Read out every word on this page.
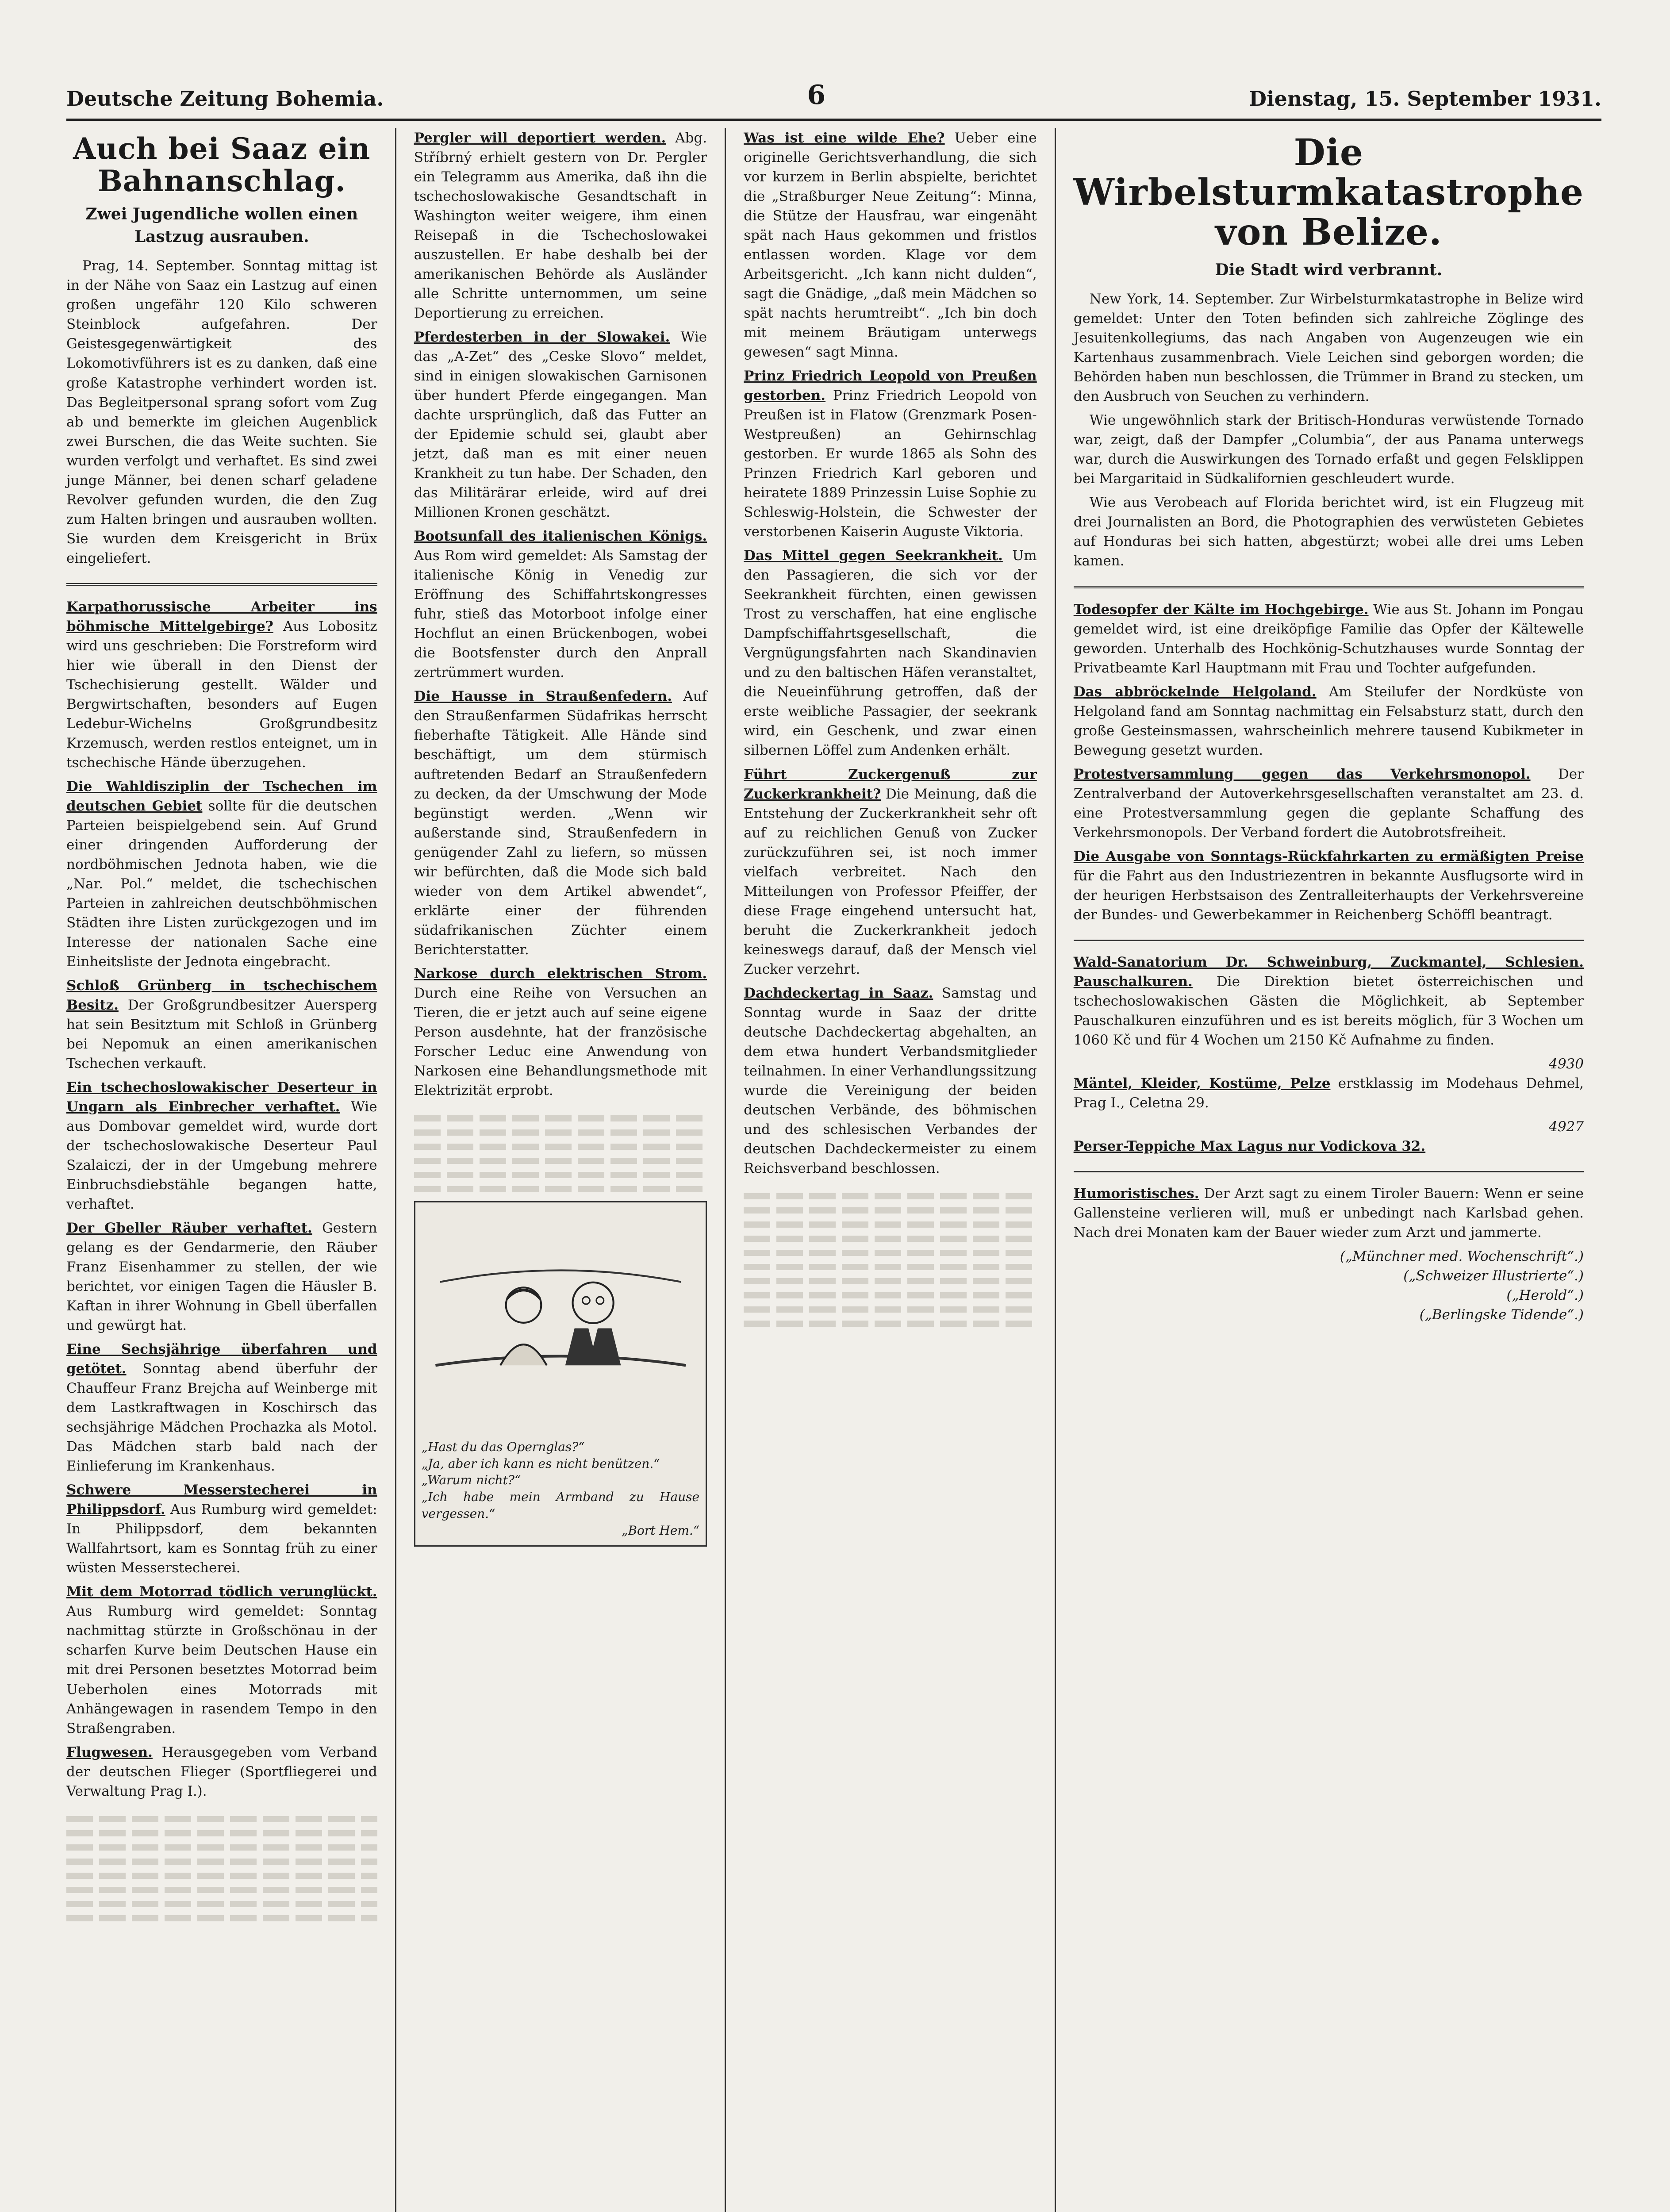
Deutsche Zeitung Bohemia.	6	Dienstag, 15. September 1931.
Auch bei Saaz ein Bahnanschlag.
Zwei Jugendliche wollen einen Lastzug ausrauben.

Prag, 14. September. Sonntag mittag ist in der Nähe von Saaz ein Lastzug auf einen großen ungefähr 120 Kilo schweren Steinblock aufgefahren. Der Geistesgegenwärtigkeit des Lokomotivführers ist es zu danken, daß eine große Katastrophe verhindert worden ist. Das Begleitpersonal sprang sofort vom Zug ab und bemerkte im gleichen Augenblick zwei Burschen, die das Weite suchten. Sie wurden verfolgt und verhaftet. Es sind zwei junge Männer, bei denen scharf geladene Revolver gefunden wurden, die den Zug zum Halten bringen und ausrauben wollten. Sie wurden dem Kreisgericht in Brüx eingeliefert.

Karpathorussische Arbeiter ins böhmische Mittelgebirge? Aus Lobositz wird uns geschrieben: Die Forstreform wird hier wie überall in den Dienst der Tschechisierung gestellt. Wälder und Bergwirtschaften, besonders auf Eugen Ledebur-Wichelns Großgrundbesitz Krzemusch, werden restlos enteignet, um in tschechische Hände überzugehen.

Die Wahldisziplin der Tschechen im deutschen Gebiet sollte für die deutschen Parteien beispielgebend sein. Auf Grund einer dringenden Aufforderung der nordböhmischen Jednota haben, wie die „Nar. Pol.“ meldet, die tschechischen Parteien in zahlreichen deutschböhmischen Städten ihre Listen zurückgezogen und im Interesse der nationalen Sache eine Einheitsliste der Jednota eingebracht.

Schloß Grünberg in tschechischem Besitz. Der Großgrundbesitzer Auersperg hat sein Besitztum mit Schloß in Grünberg bei Nepomuk an einen amerikanischen Tschechen verkauft.

Ein tschechoslowakischer Deserteur in Ungarn als Einbrecher verhaftet. Wie aus Dombovar gemeldet wird, wurde dort der tschechoslowakische Deserteur Paul Szalaiczi, der in der Umgebung mehrere Einbruchsdiebstähle begangen hatte, verhaftet.

Der Gbeller Räuber verhaftet. Gestern gelang es der Gendarmerie, den Räuber Franz Eisenhammer zu stellen, der wie berichtet, vor einigen Tagen die Häusler B. Kaftan in ihrer Wohnung in Gbell überfallen und gewürgt hat.

Eine Sechsjährige überfahren und getötet. Sonntag abend überfuhr der Chauffeur Franz Brejcha auf Weinberge mit dem Lastkraftwagen in Koschirsch das sechsjährige Mädchen Prochazka als Motol. Das Mädchen starb bald nach der Einlieferung im Krankenhaus.

Schwere Messerstecherei in Philippsdorf. Aus Rumburg wird gemeldet: In Philippsdorf, dem bekannten Wallfahrtsort, kam es Sonntag früh zu einer wüsten Messerstecherei.

Mit dem Motorrad tödlich verunglückt. Aus Rumburg wird gemeldet: Sonntag nachmittag stürzte in Großschönau in der scharfen Kurve beim Deutschen Hause ein mit drei Personen besetztes Motorrad beim Ueberholen eines Motorrads mit Anhängewagen in rasendem Tempo in den Straßengraben.

Flugwesen. Herausgegeben vom Verband der deutschen Flieger (Sportfliegerei und Verwaltung Prag I.).

Pergler will deportiert werden. Abg. Stříbrný erhielt gestern von Dr. Pergler ein Telegramm aus Amerika, daß ihn die tschechoslowakische Gesandtschaft in Washington weiter weigere, ihm einen Reisepaß in die Tschechoslowakei auszustellen. Er habe deshalb bei der amerikanischen Behörde als Ausländer alle Schritte unternommen, um seine Deportierung zu erreichen.

Pferdesterben in der Slowakei. Wie das „A-Zet“ des „Ceske Slovo“ meldet, sind in einigen slowakischen Garnisonen über hundert Pferde eingegangen. Man dachte ursprünglich, daß das Futter an der Epidemie schuld sei, glaubt aber jetzt, daß man es mit einer neuen Krankheit zu tun habe. Der Schaden, den das Militärärar erleide, wird auf drei Millionen Kronen geschätzt.

Bootsunfall des italienischen Königs. Aus Rom wird gemeldet: Als Samstag der italienische König in Venedig zur Eröffnung des Schiffahrtskongresses fuhr, stieß das Motorboot infolge einer Hochflut an einen Brückenbogen, wobei die Bootsfenster durch den Anprall zertrümmert wurden.

Die Hausse in Straußenfedern. Auf den Straußenfarmen Südafrikas herrscht fieberhafte Tätigkeit. Alle Hände sind beschäftigt, um dem stürmisch auftretenden Bedarf an Straußenfedern zu decken, da der Umschwung der Mode begünstigt werden. „Wenn wir außerstande sind, Straußenfedern in genügender Zahl zu liefern, so müssen wir befürchten, daß die Mode sich bald wieder von dem Artikel abwendet“, erklärte einer der führenden südafrikanischen Züchter einem Berichterstatter.

Narkose durch elektrischen Strom. Durch eine Reihe von Versuchen an Tieren, die er jetzt auch auf seine eigene Person ausdehnte, hat der französische Forscher Leduc eine Anwendung von Narkosen eine Behandlungsmethode mit Elektrizität erprobt.

„Hast du das Opernglas?“
„Ja, aber ich kann es nicht benützen.“
„Warum nicht?“
„Ich habe mein Armband zu Hause vergessen.“
„Bort Hem.“

Was ist eine wilde Ehe? Ueber eine originelle Gerichtsverhandlung, die sich vor kurzem in Berlin abspielte, berichtet die „Straßburger Neue Zeitung“: Minna, die Stütze der Hausfrau, war eingenäht spät nach Haus gekommen und fristlos entlassen worden. Klage vor dem Arbeitsgericht. „Ich kann nicht dulden“, sagt die Gnädige, „daß mein Mädchen so spät nachts herumtreibt“. „Ich bin doch mit meinem Bräutigam unterwegs gewesen“ sagt Minna.

Prinz Friedrich Leopold von Preußen gestorben. Prinz Friedrich Leopold von Preußen ist in Flatow (Grenzmark Posen-Westpreußen) an Gehirnschlag gestorben. Er wurde 1865 als Sohn des Prinzen Friedrich Karl geboren und heiratete 1889 Prinzessin Luise Sophie zu Schleswig-Holstein, die Schwester der verstorbenen Kaiserin Auguste Viktoria.

Das Mittel gegen Seekrankheit. Um den Passagieren, die sich vor der Seekrankheit fürchten, einen gewissen Trost zu verschaffen, hat eine englische Dampfschiffahrtsgesellschaft, die Vergnügungsfahrten nach Skandinavien und zu den baltischen Häfen veranstaltet, die Neueinführung getroffen, daß der erste weibliche Passagier, der seekrank wird, ein Geschenk, und zwar einen silbernen Löffel zum Andenken erhält.

Führt Zuckergenuß zur Zuckerkrankheit? Die Meinung, daß die Entstehung der Zuckerkrankheit sehr oft auf zu reichlichen Genuß von Zucker zurückzuführen sei, ist noch immer vielfach verbreitet. Nach den Mitteilungen von Professor Pfeiffer, der diese Frage eingehend untersucht hat, beruht die Zuckerkrankheit jedoch keineswegs darauf, daß der Mensch viel Zucker verzehrt.

Dachdeckertag in Saaz. Samstag und Sonntag wurde in Saaz der dritte deutsche Dachdeckertag abgehalten, an dem etwa hundert Verbandsmitglieder teilnahmen. In einer Verhandlungssitzung wurde die Vereinigung der beiden deutschen Verbände, des böhmischen und des schlesischen Verbandes der deutschen Dachdeckermeister zu einem Reichsverband beschlossen.

Die Wirbelsturmkatastrophe
von Belize.
Die Stadt wird verbrannt.

New York, 14. September. Zur Wirbelsturmkatastrophe in Belize wird gemeldet: Unter den Toten befinden sich zahlreiche Zöglinge des Jesuitenkollegiums, das nach Angaben von Augenzeugen wie ein Kartenhaus zusammenbrach. Viele Leichen sind geborgen worden; die Behörden haben nun beschlossen, die Trümmer in Brand zu stecken, um den Ausbruch von Seuchen zu verhindern.

Wie ungewöhnlich stark der Britisch-Honduras verwüstende Tornado war, zeigt, daß der Dampfer „Columbia“, der aus Panama unterwegs war, durch die Auswirkungen des Tornado erfaßt und gegen Felsklippen bei Margaritaid in Südkalifornien geschleudert wurde.

Wie aus Verobeach auf Florida berichtet wird, ist ein Flugzeug mit drei Journalisten an Bord, die Photographien des verwüsteten Gebietes auf Honduras bei sich hatten, abgestürzt; wobei alle drei ums Leben kamen.

Todesopfer der Kälte im Hochgebirge. Wie aus St. Johann im Pongau gemeldet wird, ist eine dreiköpfige Familie das Opfer der Kältewelle geworden. Unterhalb des Hochkönig-Schutzhauses wurde Sonntag der Privatbeamte Karl Hauptmann mit Frau und Tochter aufgefunden.

Das abbröckelnde Helgoland. Am Steilufer der Nordküste von Helgoland fand am Sonntag nachmittag ein Felsabsturz statt, durch den große Gesteinsmassen, wahrscheinlich mehrere tausend Kubikmeter in Bewegung gesetzt wurden.

Protestversammlung gegen das Verkehrsmonopol. Der Zentralverband der Autoverkehrsgesellschaften veranstaltet am 23. d. eine Protestversammlung gegen die geplante Schaffung des Verkehrsmonopols. Der Verband fordert die Autobrotsfreiheit.

Die Ausgabe von Sonntags-Rückfahrkarten zu ermäßigten Preise für die Fahrt aus den Industriezentren in bekannte Ausflugsorte wird in der heurigen Herbstsaison des Zentralleiterhaupts der Verkehrsvereine der Bundes- und Gewerbekammer in Reichenberg Schöffl beantragt.

Wald-Sanatorium Dr. Schweinburg, Zuckmantel, Schlesien. Pauschalkuren. Die Direktion bietet österreichischen und tschechoslowakischen Gästen die Möglichkeit, ab September Pauschalkuren einzuführen und es ist bereits möglich, für 3 Wochen um 1060 Kč und für 4 Wochen um 2150 Kč Aufnahme zu finden.

4930

Mäntel, Kleider, Kostüme, Pelze erstklassig im Modehaus Dehmel, Prag I., Celetna 29.

4927

Perser-Teppiche Max Lagus nur Vodickova 32.

Humoristisches. Der Arzt sagt zu einem Tiroler Bauern: Wenn er seine Gallensteine verlieren will, muß er unbedingt nach Karlsbad gehen. Nach drei Monaten kam der Bauer wieder zum Arzt und jammerte.

(„Münchner med. Wochenschrift“.)
(„Schweizer Illustrierte“.)
(„Herold“.)
(„Berlingske Tidende“.)
